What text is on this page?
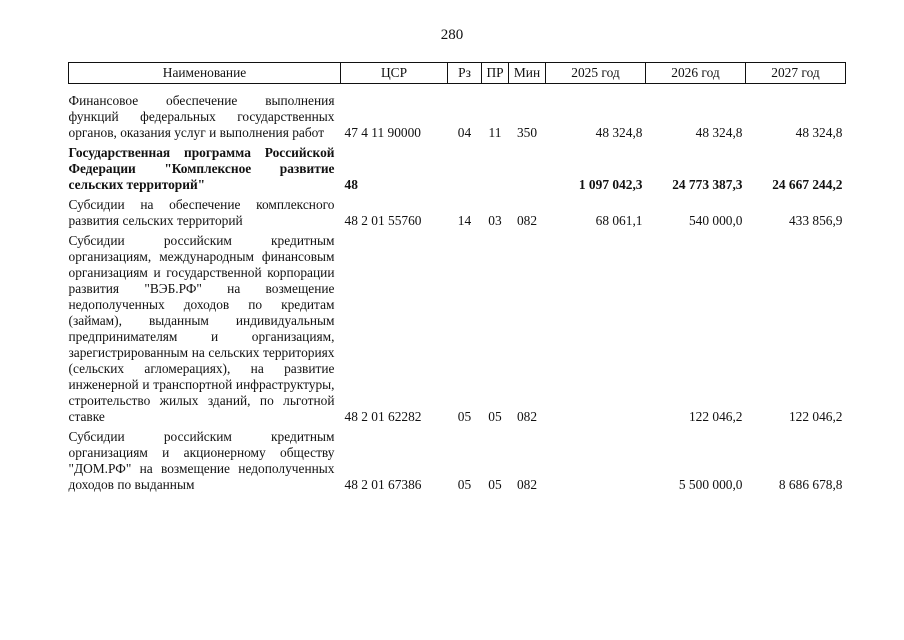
280
Наименование	ЦСР	Рз	ПР	Мин	2025 год	2026 год	2027 год
Финансовое обеспечение выполнения функций федеральных государственных органов, оказания услуг и выполнения работ	47 4 11 90000	04	11	350	48 324,8	48 324,8	48 324,8
Государственная программа Российской Федерации "Комплексное развитие сельских территорий"	48				1 097 042,3	24 773 387,3	24 667 244,2
Субсидии на обеспечение комплексного развития сельских территорий	48 2 01 55760	14	03	082	68 061,1	540 000,0	433 856,9
Субсидии российским кредитным организациям, международным финансовым организациям и государственной корпорации развития "ВЭБ.РФ" на возмещение недополученных доходов по кредитам (займам), выданным индивидуальным предпринимателям и организациям, зарегистрированным на сельских территориях (сельских агломерациях), на развитие инженерной и транспортной инфраструктуры, строительство жилых зданий, по льготной ставке	48 2 01 62282	05	05	082		122 046,2	122 046,2
Субсидии российским кредитным организациям и акционерному обществу "ДОМ.РФ" на возмещение недополученных доходов по выданным	48 2 01 67386	05	05	082		5 500 000,0	8 686 678,8
